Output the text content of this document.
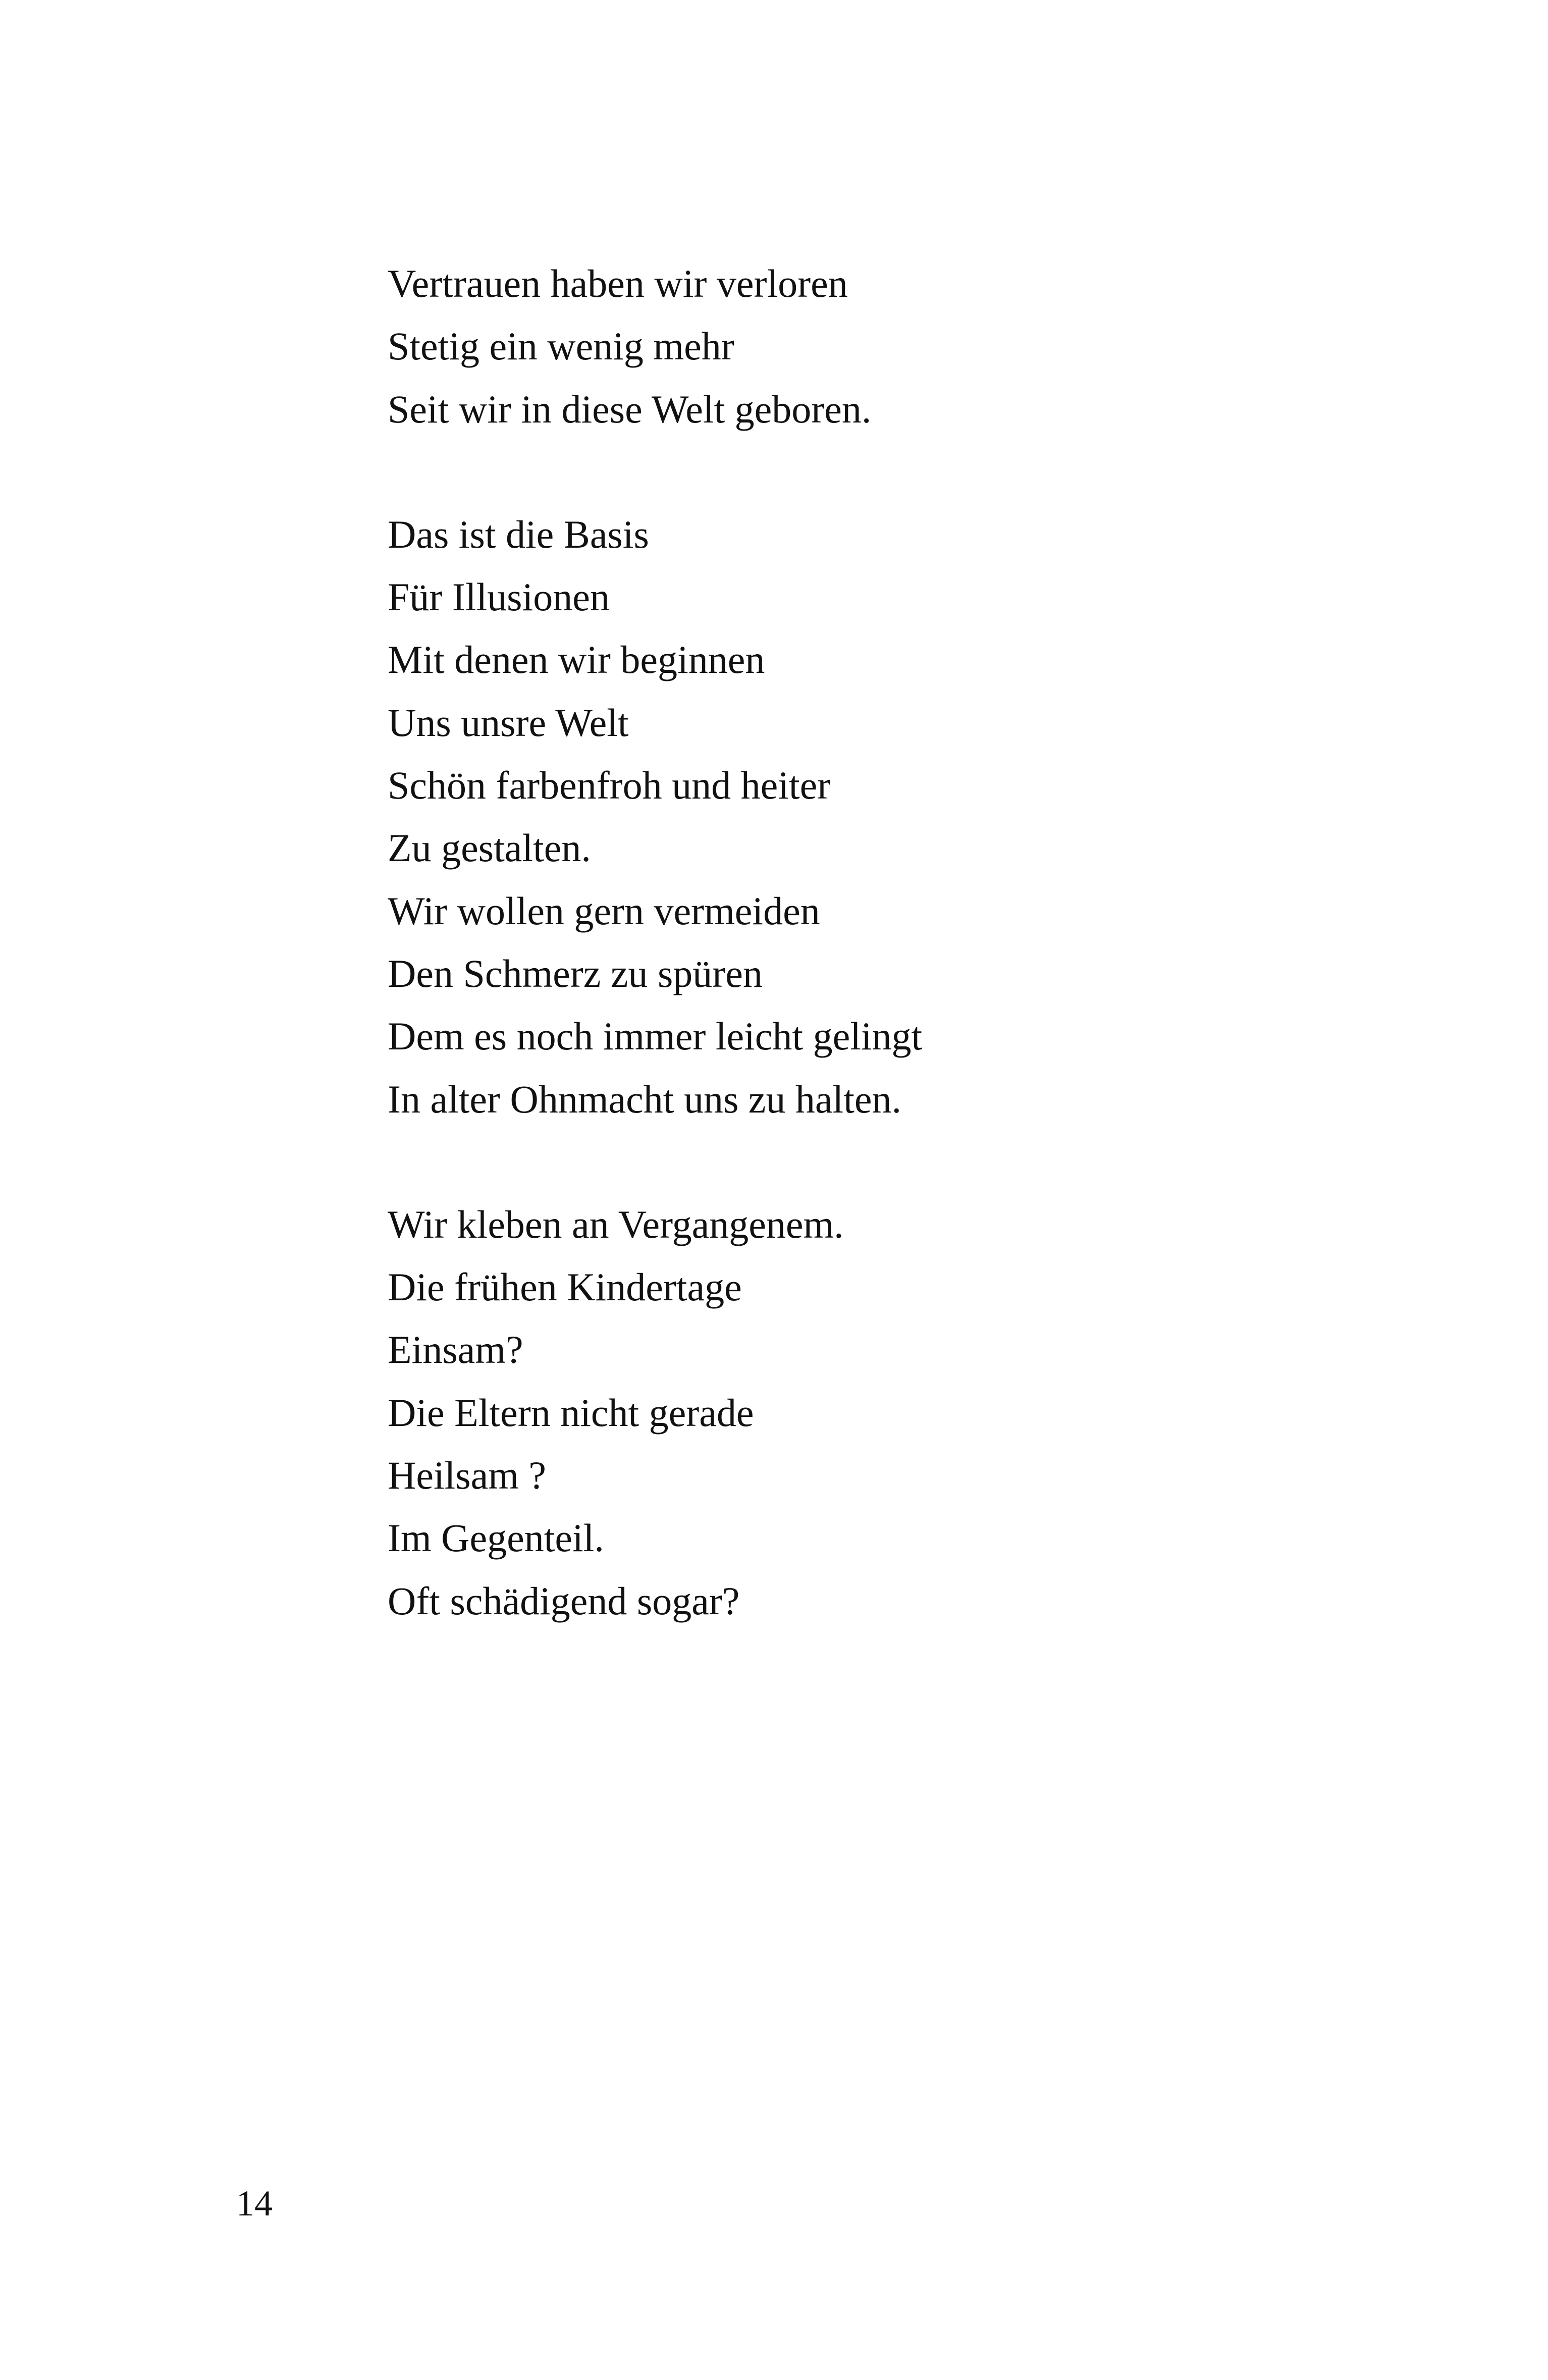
Vertrauen haben wir verloren
Stetig ein wenig mehr
Seit wir in diese Welt geboren.
Das ist die Basis
Für Illusionen
Mit denen wir beginnen
Uns unsre Welt
Schön farbenfroh und heiter
Zu gestalten.
Wir wollen gern vermeiden
Den Schmerz zu spüren
Dem es noch immer leicht gelingt
In alter Ohnmacht uns zu halten.
Wir kleben an Vergangenem.
Die frühen Kindertage
Einsam?
Die Eltern nicht gerade
Heilsam ?
Im Gegenteil.
Oft schädigend sogar?
14
